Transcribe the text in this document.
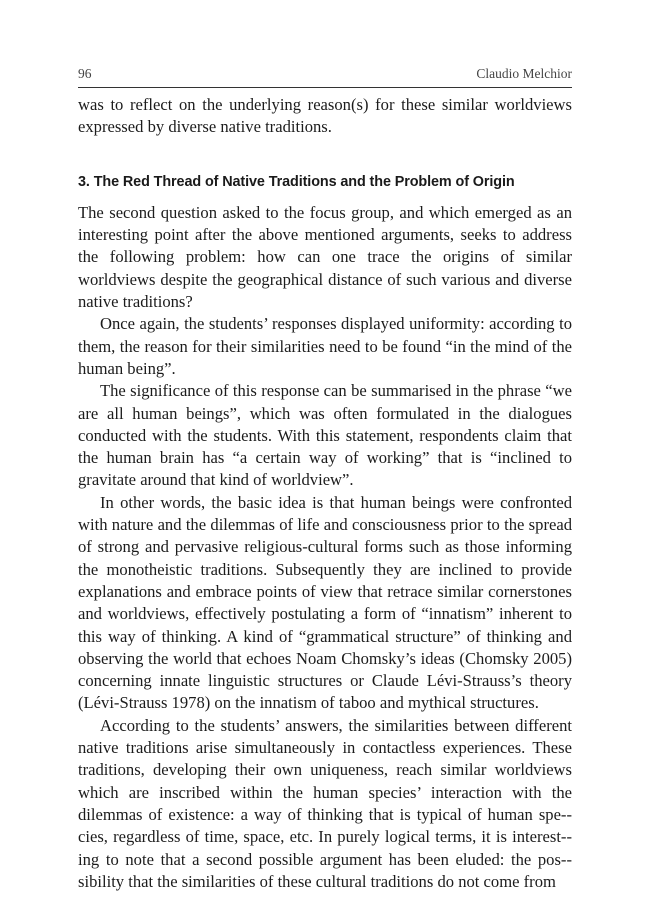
96	Claudio Melchior

was to reflect on the underlying reason(s) for these similar worldviews expressed by diverse native traditions.

3. The Red Thread of Native Traditions and the Problem of Origin

The second question asked to the focus group, and which emerged as an interesting point after the above mentioned arguments, seeks to address the following problem: how can one trace the origins of similar worldviews despite the geographical distance of such various and diverse native traditions?

Once again, the students’ responses displayed uniformity: according to them, the reason for their similarities need to be found “in the mind of the human being”.

The significance of this response can be summarised in the phrase “we are all human beings”, which was often formulated in the dialogues conducted with the students. With this statement, respondents claim that the human brain has “a certain way of working” that is “inclined to gravitate around that kind of worldview”.

In other words, the basic idea is that human beings were confronted with nature and the dilemmas of life and consciousness prior to the spread of strong and pervasive religious-cultural forms such as those informing the monotheistic traditions. Subsequently they are inclined to provide explanations and embrace points of view that retrace similar cornerstones and worldviews, effectively postulating a form of “innatism” inherent to this way of thinking. A kind of “grammatical structure” of thinking and observing the world that echoes Noam Chomsky’s ideas (Chomsky 2005) concerning innate linguistic structures or Claude Lévi-Strauss’s theory (Lévi-Strauss 1978) on the innatism of taboo and mythical structures.

According to the students’ answers, the similarities between different native traditions arise simultaneously in contactless experiences. These traditions, developing their own uniqueness, reach similar worldviews which are inscribed within the human species’ interaction with the dilemmas of existence: a way of thinking that is typical of human spe-cies, regardless of time, space, etc. In purely logical terms, it is interest-ing to note that a second possible argument has been eluded: the pos-sibility that the similarities of these cultural traditions do not come from
